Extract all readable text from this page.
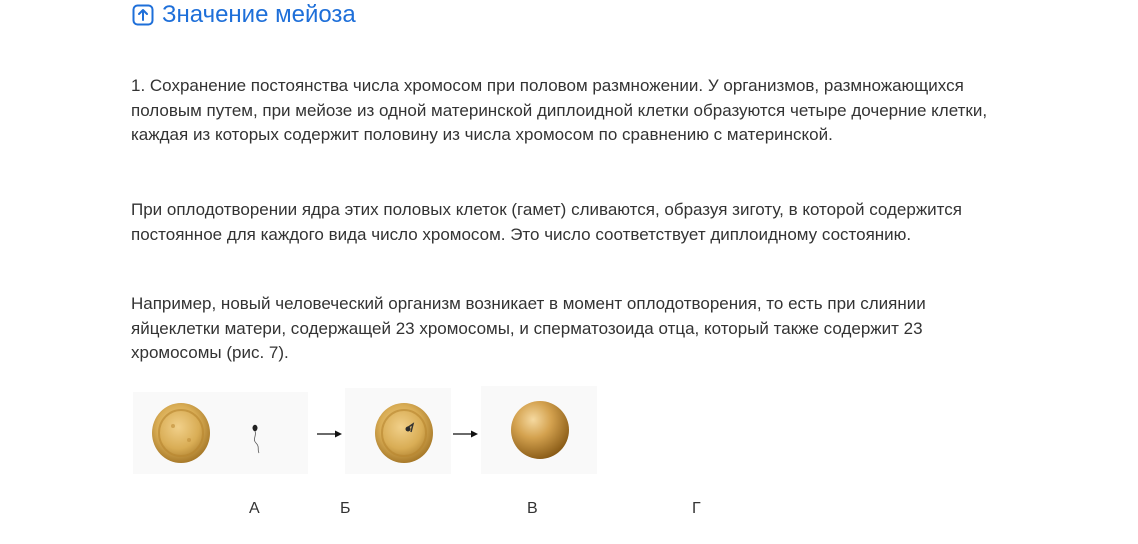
Значение мейоза

1. Сохранение постоянства числа хромосом при половом размножении. У организмов, размножающихся половым путем, при мейозе из одной материнской диплоидной клетки образуются четыре дочерние клетки, каждая из которых содержит половину из числа хромосом по сравнению с материнской.

При оплодотворении ядра этих половых клеток (гамет) сливаются, образуя зиготу, в которой содержится постоянное для каждого вида число хромосом. Это число соответствует диплоидному состоянию.

Например, новый человеческий организм возникает в момент оплодотворения, то есть при слиянии яйцеклетки матери, содержащей 23 хромосомы, и сперматозоида отца, который также содержит 23 хромосомы (рис. 7).

А	Б	В	Г
